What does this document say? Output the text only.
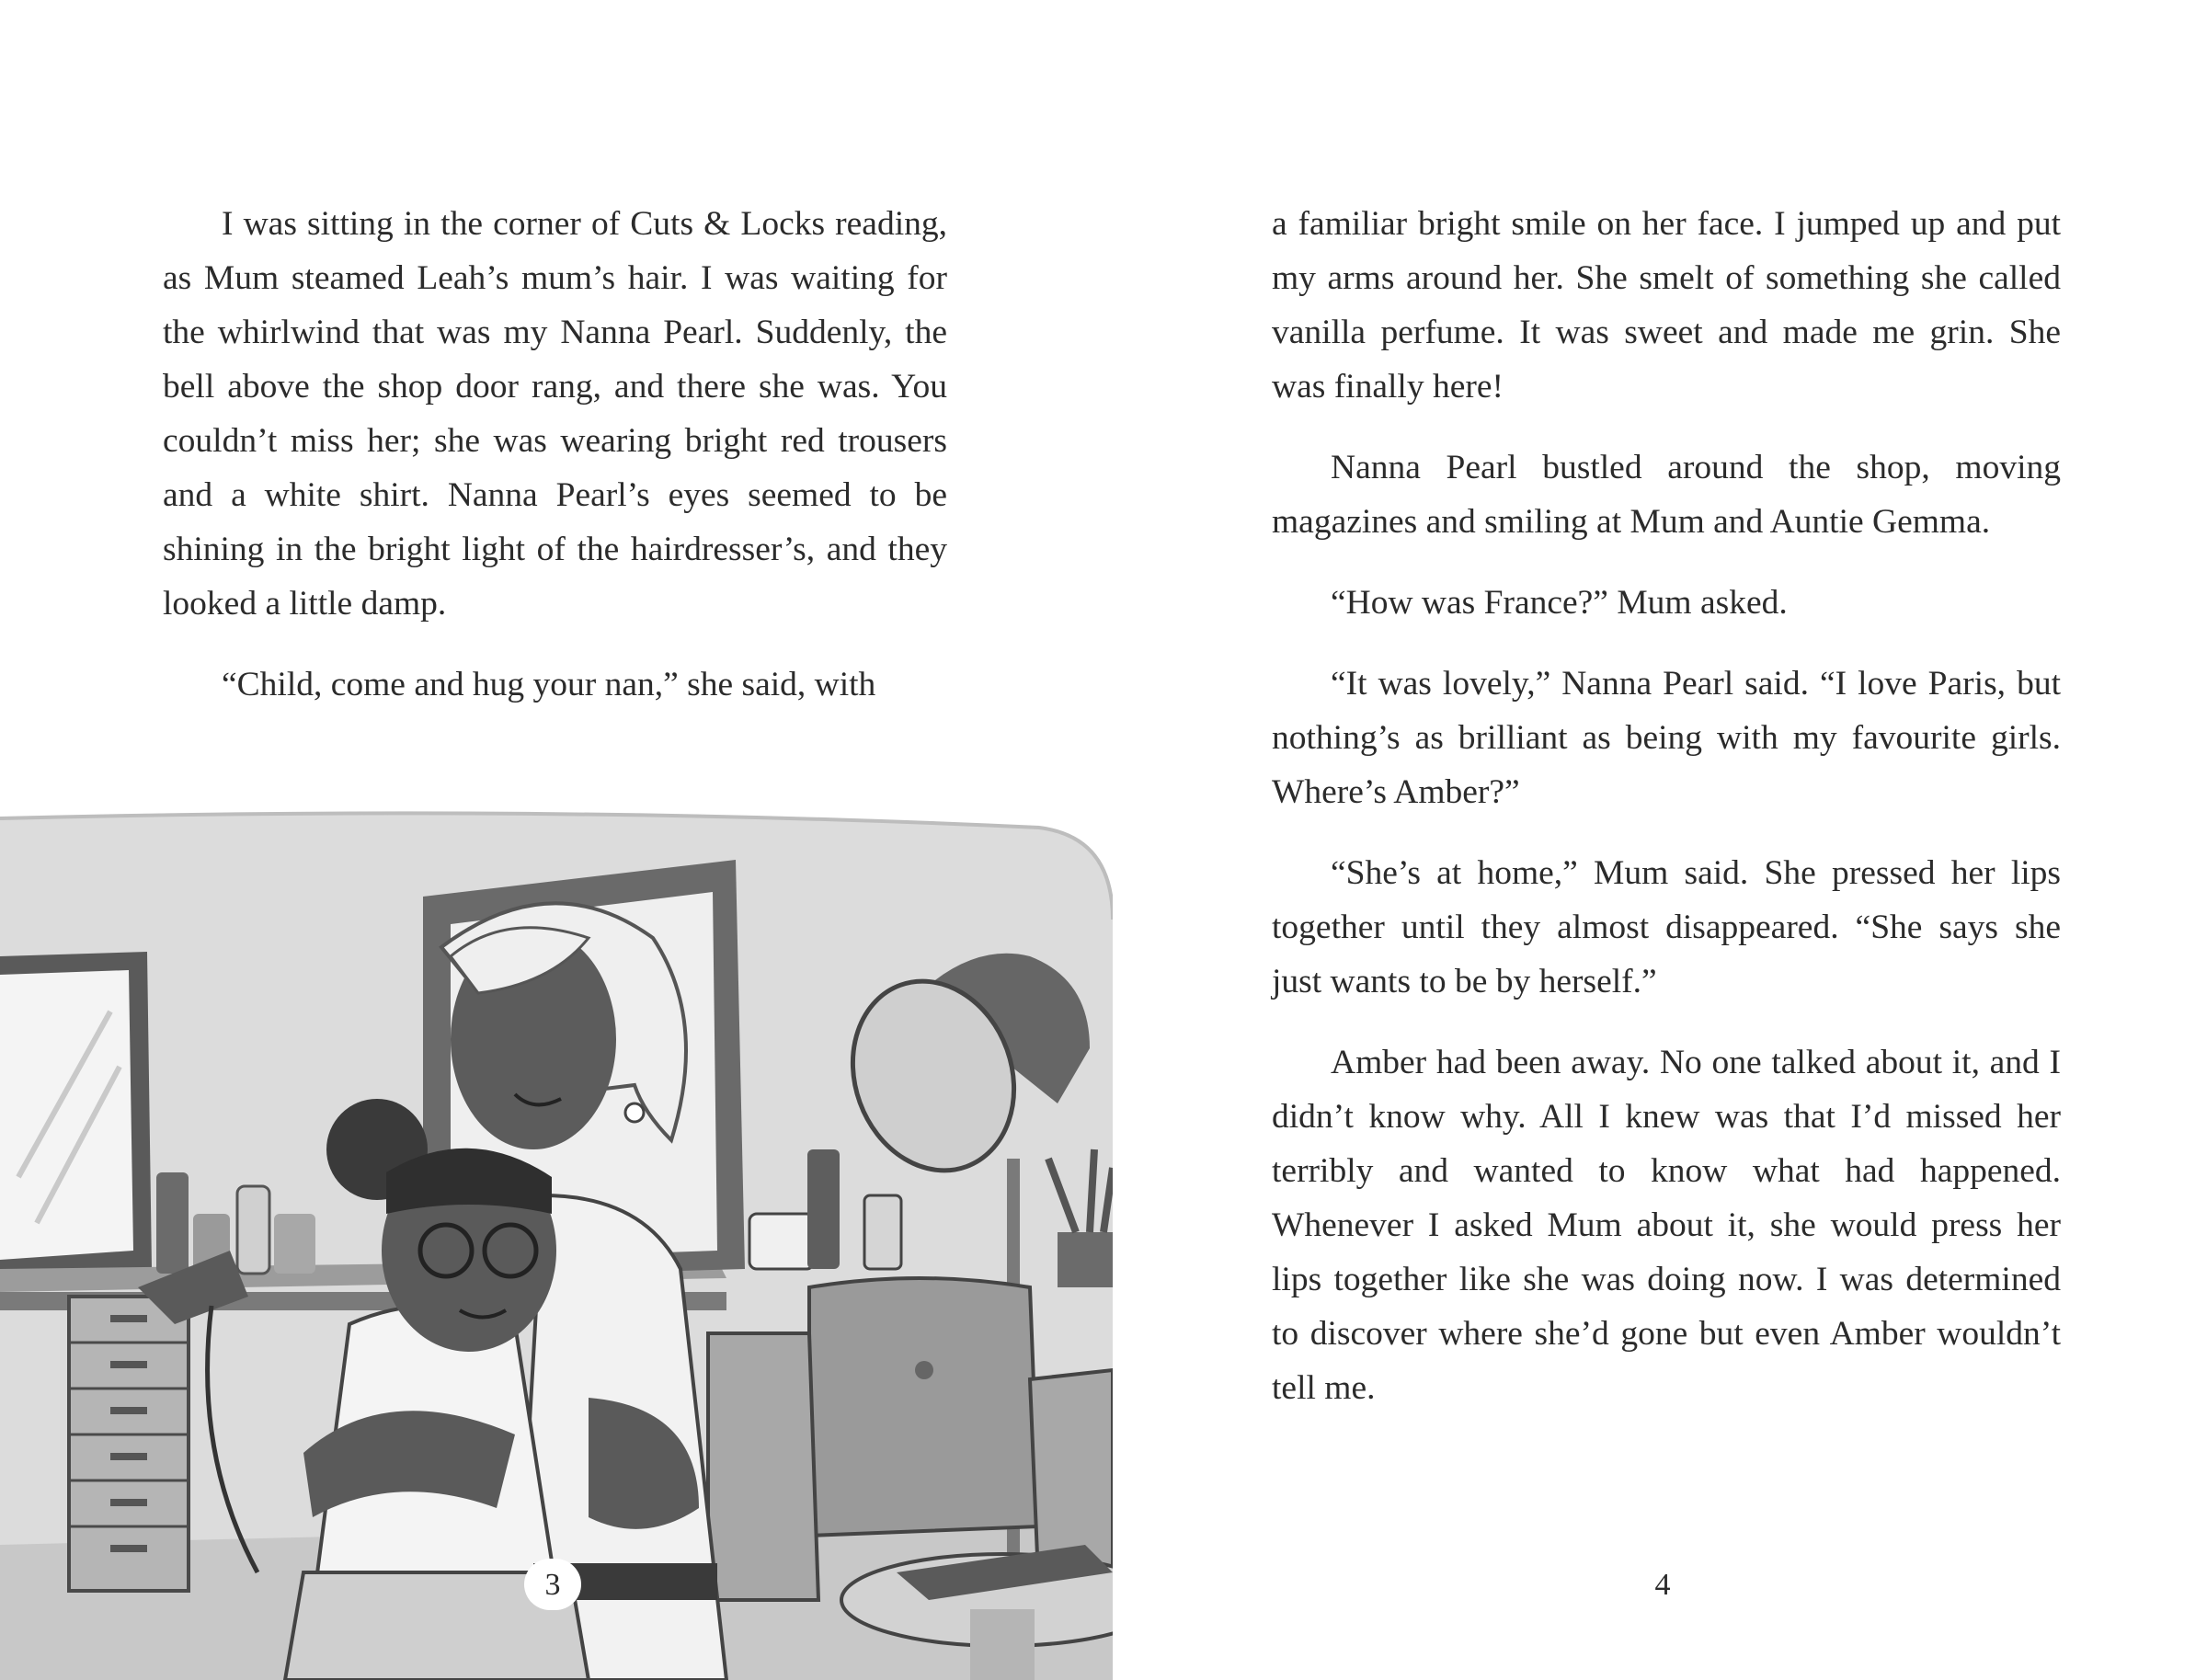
I was sitting in the corner of Cuts & Locks reading, as Mum steamed Leah’s mum’s hair. I was waiting for the whirlwind that was my Nanna Pearl. Suddenly, the bell above the shop door rang, and there she was. You couldn’t miss her; she was wearing bright red trousers and a white shirt. Nanna Pearl’s eyes seemed to be shining in the bright light of the hairdresser’s, and they looked a little damp.

“Child, come and hug your nan,” she said, with

3

a familiar bright smile on her face. I jumped up and put my arms around her. She smelt of something she called vanilla perfume. It was sweet and made me grin. She was finally here!

Nanna Pearl bustled around the shop, moving magazines and smiling at Mum and Auntie Gemma.

“How was France?” Mum asked.

“It was lovely,” Nanna Pearl said. “I love Paris, but nothing’s as brilliant as being with my favourite girls. Where’s Amber?”

“She’s at home,” Mum said. She pressed her lips together until they almost disappeared. “She says she just wants to be by herself.”

Amber had been away. No one talked about it, and I didn’t know why. All I knew was that I’d missed her terribly and wanted to know what had happened. Whenever I asked Mum about it, she would press her lips together like she was doing now. I was determined to discover where she’d gone but even Amber wouldn’t tell me.

4
